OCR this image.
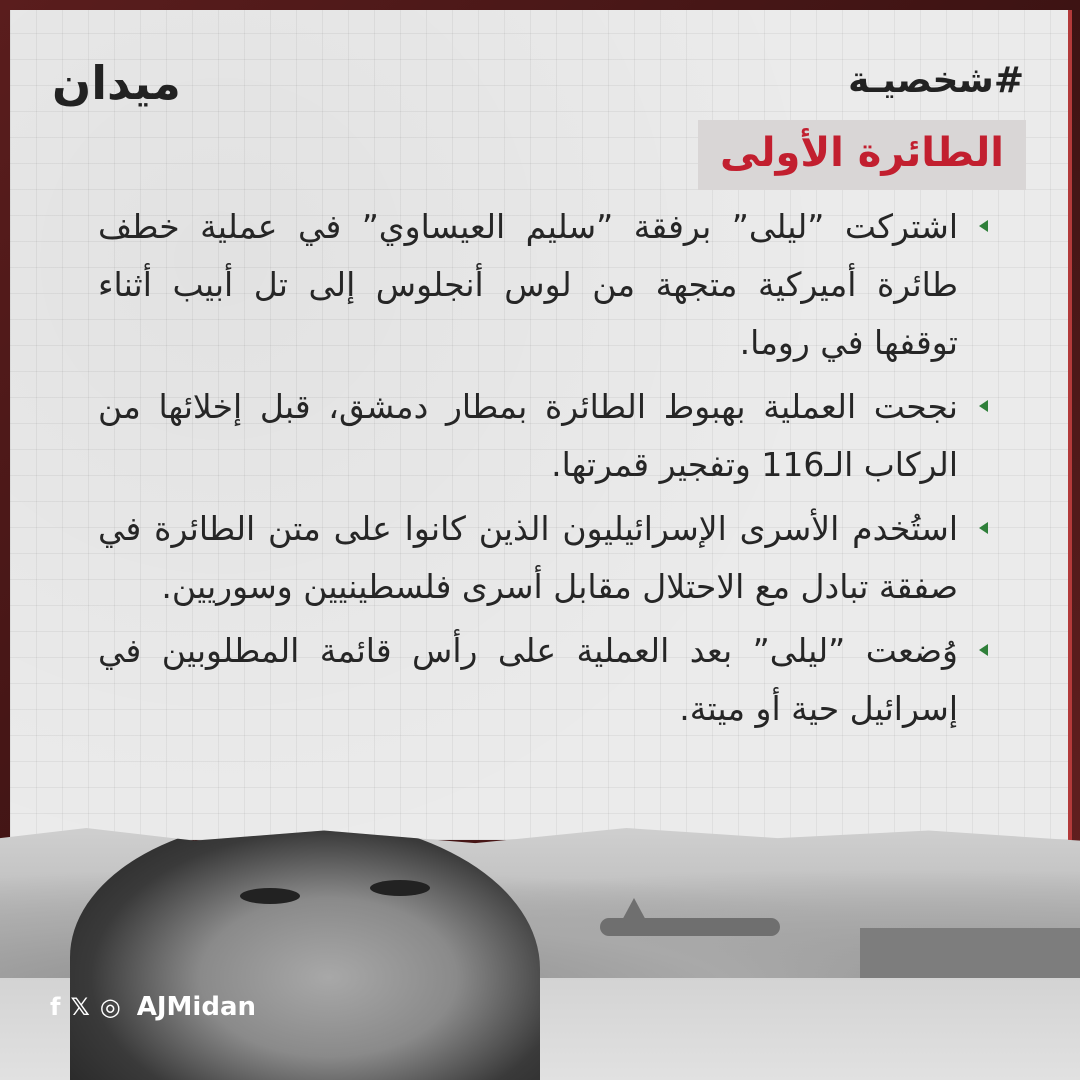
ميدان	#شخصيـة
الطائرة الأولى
اشتركت ”ليلى” برفقة ”سليم العيساوي” في عملية خطف طائرة أميركية متجهة من لوس أنجلوس إلى تل أبيب أثناء توقفها في روما.
نجحت العملية بهبوط الطائرة بمطار دمشق، قبل إخلائها من الركاب الـ116 وتفجير قمرتها.
استُخدم الأسرى الإسرائيليون الذين كانوا على متن الطائرة في صفقة تبادل مع الاحتلال مقابل أسرى فلسطينيين وسوريين.
وُضعت ”ليلى” بعد العملية على رأس قائمة المطلوبين في إسرائيل حية أو ميتة.
f 𝕏 ◎ AJMidan
